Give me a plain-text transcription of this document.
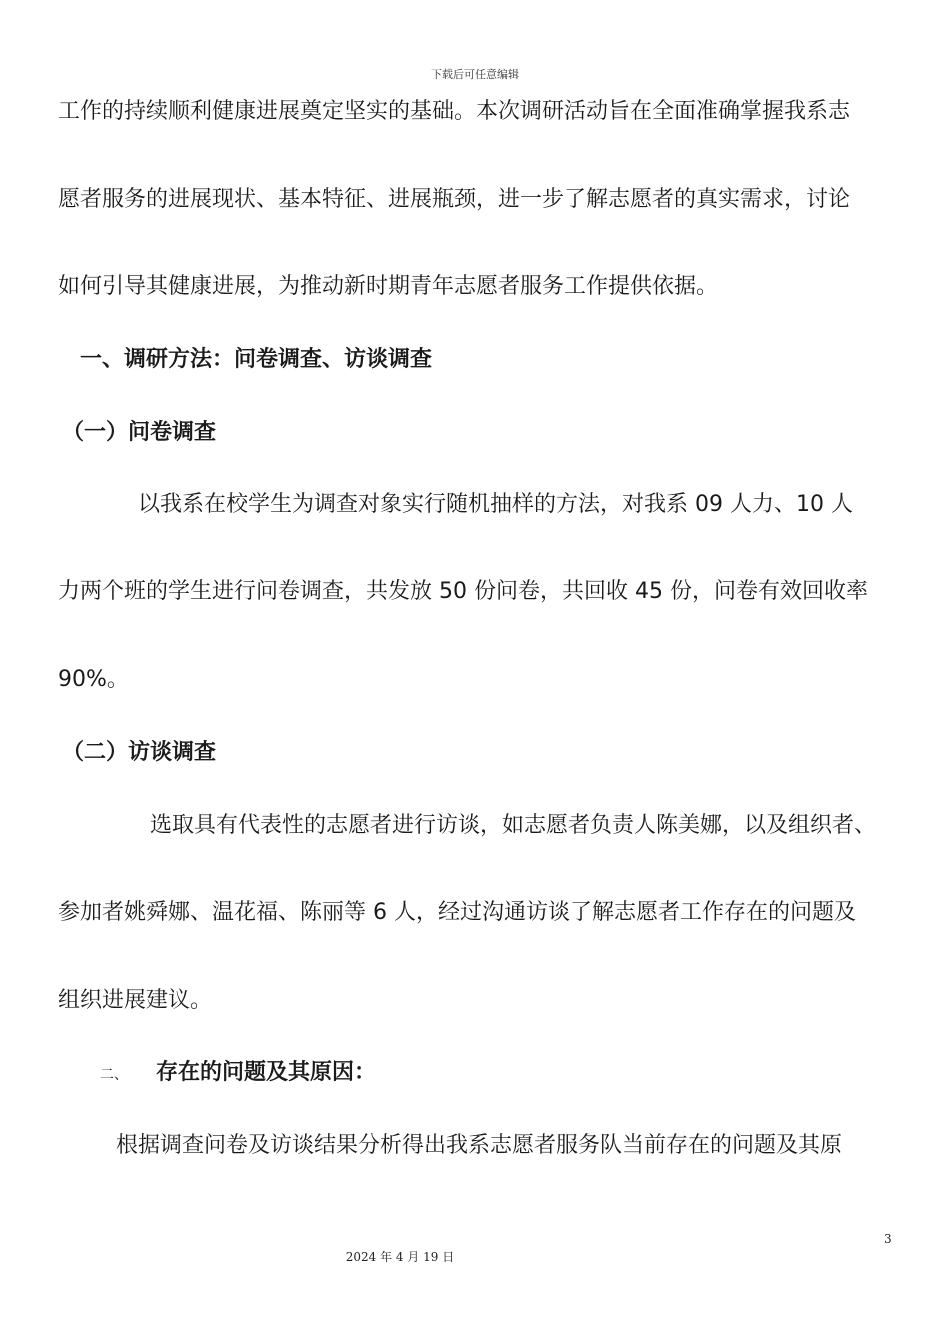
下载后可任意编辑
工作的持续顺利健康进展奠定坚实的基础。本次调研活动旨在全面准确掌握我系志
愿者服务的进展现状、基本特征、进展瓶颈，进一步了解志愿者的真实需求，讨论
如何引导其健康进展，为推动新时期青年志愿者服务工作提供依据。
一、调研方法：问卷调查、访谈调查
（一）问卷调查
以我系在校学生为调查对象实行随机抽样的方法，对我系 09 人力、10 人
力两个班的学生进行问卷调查，共发放 50 份问卷，共回收 45 份，问卷有效回收率
90%。
（二）访谈调查
选取具有代表性的志愿者进行访谈，如志愿者负责人陈美娜，以及组织者、
参加者姚舜娜、温花福、陈丽等 6 人，经过沟通访谈了解志愿者工作存在的问题及
组织进展建议。
二、 存在的问题及其原因：
根据调查问卷及访谈结果分析得出我系志愿者服务队当前存在的问题及其原
3
2024 年 4 月 19 日
